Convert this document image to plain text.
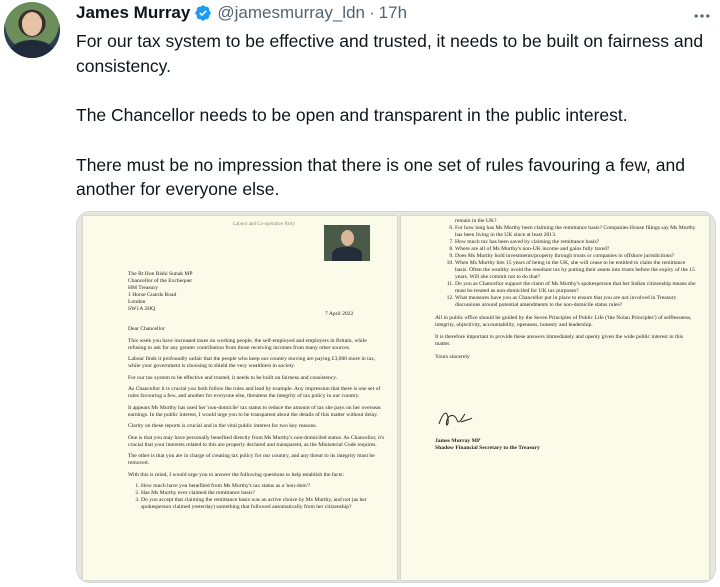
James Murray @jamesmurray_ldn · 17h

For our tax system to be effective and trusted, it needs to be built on fairness and consistency.

The Chancellor needs to be open and transparent in the public interest.

There must be no impression that there is one set of rules favouring a few, and another for everyone else.

Labour and Co-operative Party
The Rt Hon Rishi Sunak MP
Chancellor of the Exchequer
HM Treasury
1 Horse Guards Road
London
SW1A 2HQ
7 April 2022

Dear Chancellor

This week you have increased taxes on working people, the self-employed and employers in Britain, while refusing to ask for any greater contribution from those receiving incomes from many other sources.

Labour finds it profoundly unfair that the people who keep our country moving are paying £3,000 more in tax, while your government is choosing to shield the very wealthiest in society.

For our tax system to be effective and trusted, it needs to be built on fairness and consistency.

As Chancellor it is crucial you both follow the rules and lead by example. Any impression that there is one set of rules favouring a few, and another for everyone else, threatens the integrity of tax policy in our country.

It appears Ms Murthy has used her 'non-domicile' tax status to reduce the amount of tax she pays on her overseas earnings. In the public interest, I would urge you to be transparent about the details of this matter without delay.

Clarity on these reports is crucial and in the vital public interest for two key reasons.

One is that you may have personally benefited directly from Ms Murthy's non-domiciled status. As Chancellor, it's crucial that your interests related to this are properly declared and transparent, as the Ministerial Code requires.

The other is that you are in charge of creating tax policy for our country, and any threat to its integrity must be removed.

With this is mind, I would urge you to answer the following questions to help establish the facts:

1. How much have you benefited from Ms Murthy's tax status as a 'non-dom'?
2. Has Ms Murthy ever claimed the remittance basis?
3. Do you accept that claiming the remittance basis was an active choice by Ms Murthy, and not (as her spokesperson claimed yesterday) something that followed automatically from her citizenship?
remain in the UK?
6. For how long has Ms Murthy been claiming the remittance basis? Companies House filings say Ms Murthy has been living in the UK since at least 2013.
7. How much tax has been saved by claiming the remittance basis?
8. Where are all of Ms Murthy's non-UK income and gains fully taxed?
9. Does Ms Murthy hold investments/property through trusts or companies in offshore jurisdictions?
10. When Ms Murthy hits 15 years of being in the UK, she will cease to be entitled to claim the remittance basis. Often the wealthy avoid the resultant tax by putting their assets into trusts before the expiry of the 15 years. Will she commit not to do that?
11. Do you as Chancellor support the claim of Ms Murthy's spokesperson that her Indian citizenship means she must be treated as non-domiciled for UK tax purposes?
12. What measures have you as Chancellor put in place to ensure that you are not involved in Treasury discussions around potential amendments to the non-domicile status rules?

All in public office should be guided by the Seven Principles of Public Life ('the Nolan Principles') of selflessness, integrity, objectivity, accountability, openness, honesty and leadership.

It is therefore important to provide these answers immediately and openly given the wide public interest in this matter.

Yours sincerely

James Murray MP
Shadow Financial Secretary to the Treasury
